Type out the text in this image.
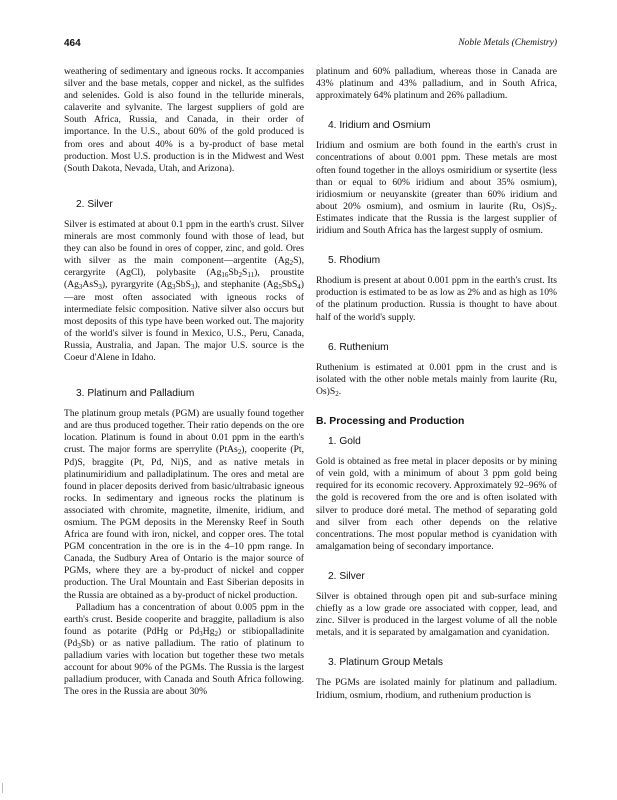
464	Noble Metals (Chemistry)

weathering of sedimentary and igneous rocks. It accompanies silver and the base metals, copper and nickel, as the sulfides and selenides. Gold is also found in the telluride minerals, calaverite and sylvanite. The largest suppliers of gold are South Africa, Russia, and Canada, in their order of importance. In the U.S., about 60% of the gold produced is from ores and about 40% is a by-product of base metal production. Most U.S. production is in the Midwest and West (South Dakota, Nevada, Utah, and Arizona).

2. Silver

Silver is estimated at about 0.1 ppm in the earth's crust. Silver minerals are most commonly found with those of lead, but they can also be found in ores of copper, zinc, and gold. Ores with silver as the main component—argentite $(Ag_2S)$, cerargyrite (AgCl), polybasite $(Ag_{16}Sb_2S_{11})$, proustite $(Ag_3AsS_3)$, pyrargyrite $(Ag_3SbS_3)$, and stephanite $(Ag_5SbS_4)—are$ most often associated with igneous rocks of intermediate felsic composition. Native silver also occurs but most deposits of this type have been worked out. The majority of the world's silver is found in Mexico, U.S., Peru, Canada, Russia, Australia, and Japan. The major U.S. source is the Coeur d'Alene in Idaho.

3. Platinum and Palladium

The platinum group metals (PGM) are usually found together and are thus produced together. Their ratio depends on the ore location. Platinum is found in about 0.01 ppm in the earth's crust. The major forms are sperrylite (PtAs$_2$), cooperite (Pt, Pd)S, braggite (Pt, Pd, Ni)S, and as native metals in platinumiridium and palladiplatinum. The ores and metal are found in placer deposits derived from basic/ultrabasic igneous rocks. In sedimentary and igneous rocks the platinum is associated with chromite, magnetite, ilmenite, iridium, and osmium. The PGM deposits in the Merensky Reef in South Africa are found with iron, nickel, and copper ores. The total PGM concentration in the ore is in the 4–10 ppm range. In Canada, the Sudbury Area of Ontario is the major source of PGMs, where they are a by-product of nickel and copper production. The Ural Mountain and East Siberian deposits in the Russia are obtained as a by-product of nickel production.

Palladium has a concentration of about 0.005 ppm in the earth's crust. Beside cooperite and braggite, palladium is also found as potarite (PdHg or $Pd_3Hg_2$) or stibiopalladinite $(Pd_3Sb)$ or as native palladium. The ratio of platinum to palladium varies with location but together these two metals account for about 90% of the PGMs. The Russia is the largest palladium producer, with Canada and South Africa following. The ores in the Russia are about 30%

platinum and 60% palladium, whereas those in Canada are 43% platinum and 43% palladium, and in South Africa, approximately 64% platinum and 26% palladium.

4. Iridium and Osmium

Iridium and osmium are both found in the earth's crust in concentrations of about 0.001 ppm. These metals are most often found together in the alloys osmiridium or sysertite (less than or equal to 60% iridium and about 35% osmium), iridiosmium or neuyanskite (greater than 60% iridium and about 20% osmium), and osmium in laurite (Ru, $Os)S_2$. Estimates indicate that the Russia is the largest supplier of iridium and South Africa has the largest supply of osmium.

5. Rhodium

Rhodium is present at about 0.001 ppm in the earth's crust. Its production is estimated to be as low as 2% and as high as 10% of the platinum production. Russia is thought to have about half of the world's supply.

6. Ruthenium

Ruthenium is estimated at 0.001 ppm in the crust and is isolated with the other noble metals mainly from laurite (Ru, $Os)S_2$.

B. Processing and Production
1. Gold

Gold is obtained as free metal in placer deposits or by mining of vein gold, with a minimum of about 3 ppm gold being required for its economic recovery. Approximately 92–96% of the gold is recovered from the ore and is often isolated with silver to produce doré metal. The method of separating gold and silver from each other depends on the relative concentrations. The most popular method is cyanidation with amalgamation being of secondary importance.

2. Silver

Silver is obtained through open pit and sub-surface mining chiefly as a low grade ore associated with copper, lead, and zinc. Silver is produced in the largest volume of all the noble metals, and it is separated by amalgamation and cyanidation.

3. Platinum Group Metals

The PGMs are isolated mainly for platinum and palladium. Iridium, osmium, rhodium, and ruthenium production is
